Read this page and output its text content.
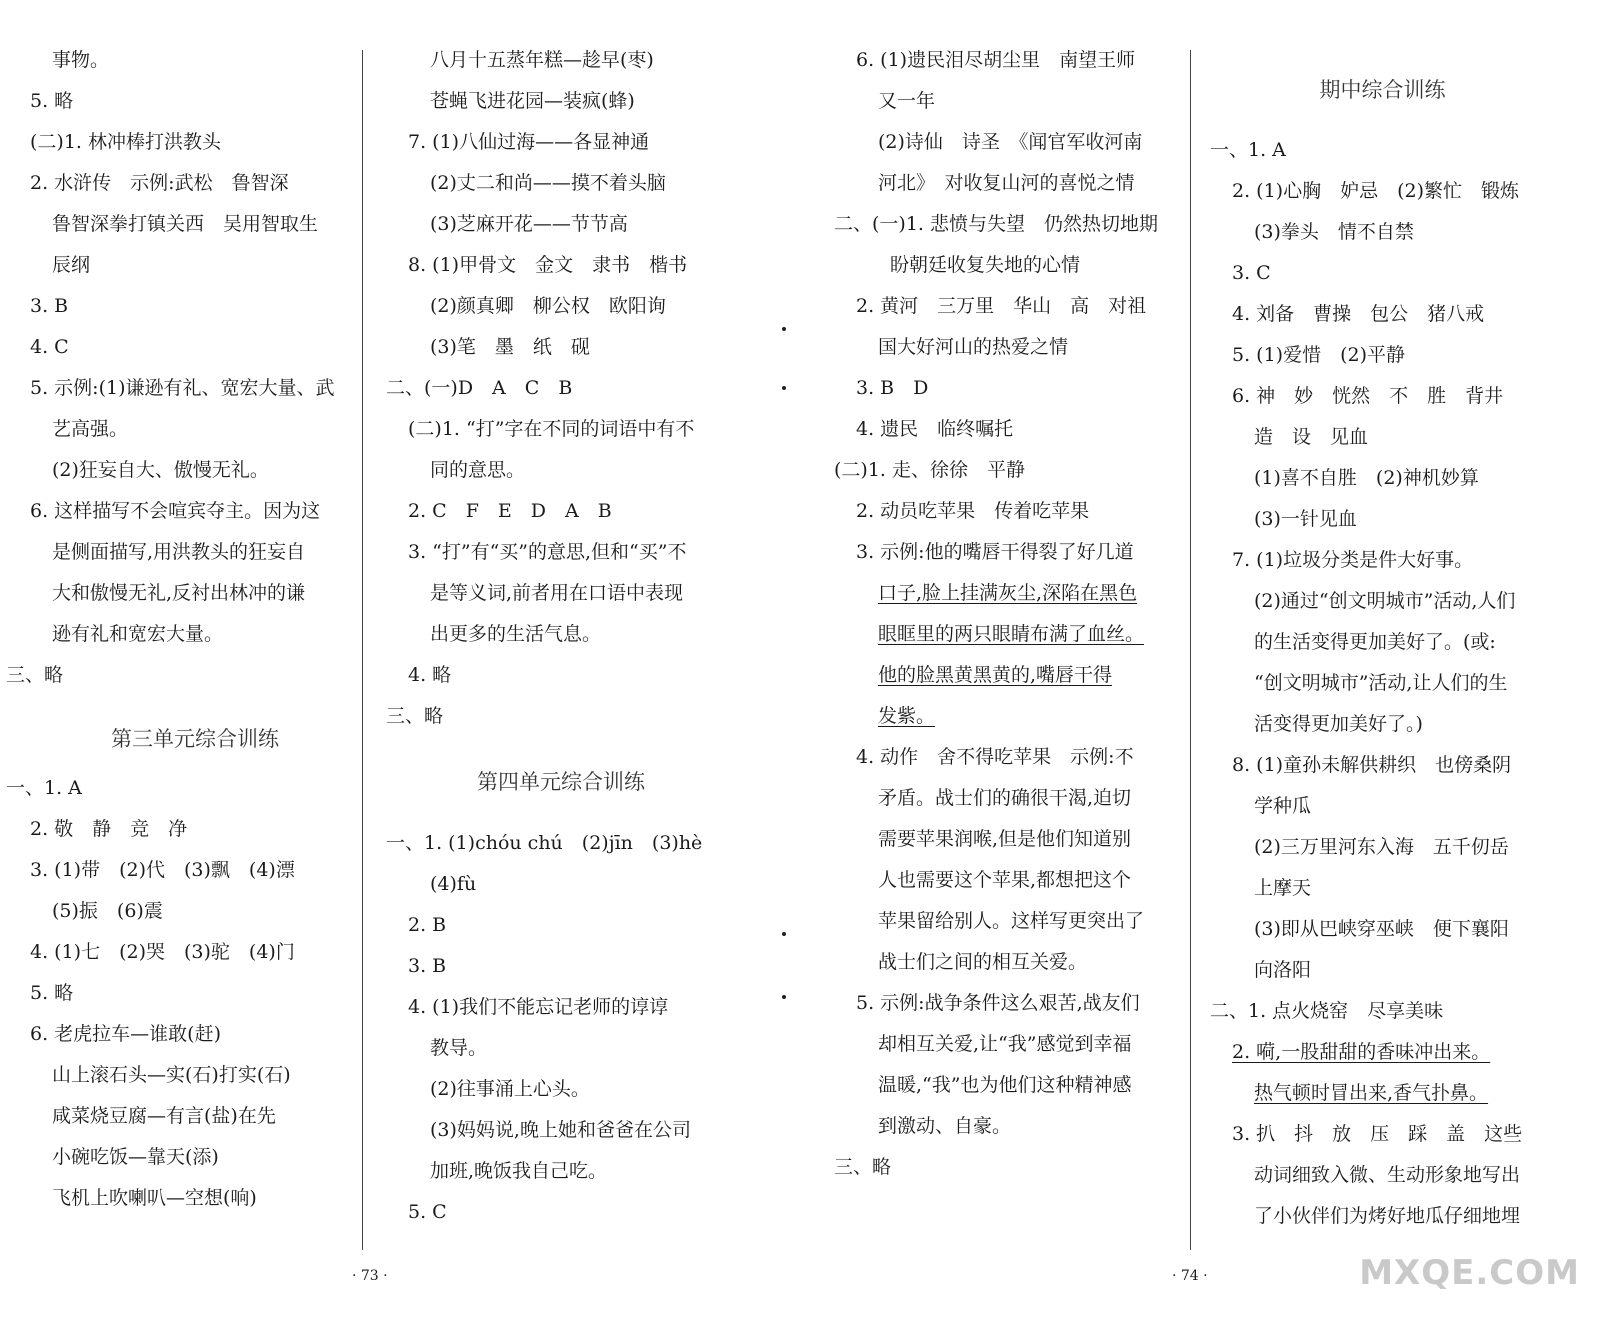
事物。
5. 略
(二)1. 林冲棒打洪教头
2. 水浒传　示例:武松　鲁智深
鲁智深拳打镇关西　吴用智取生
辰纲
3. B
4. C
5. 示例:(1)谦逊有礼、宽宏大量、武
艺高强。
(2)狂妄自大、傲慢无礼。
6. 这样描写不会喧宾夺主。因为这
是侧面描写,用洪教头的狂妄自
大和傲慢无礼,反衬出林冲的谦
逊有礼和宽宏大量。
三、略
第三单元综合训练
一、1. A
2. 敬　静　竞　净
3. (1)带　(2)代　(3)飘　(4)漂
(5)振　(6)震
4. (1)七　(2)哭　(3)驼　(4)门
5. 略
6. 老虎拉车—谁敢(赶)
山上滚石头—实(石)打实(石)
咸菜烧豆腐—有言(盐)在先
小碗吃饭—靠天(添)
飞机上吹喇叭—空想(响)
八月十五蒸年糕—趁早(枣)
苍蝇飞进花园—装疯(蜂)
7. (1)八仙过海——各显神通
(2)丈二和尚——摸不着头脑
(3)芝麻开花——节节高
8. (1)甲骨文　金文　隶书　楷书
(2)颜真卿　柳公权　欧阳询
(3)笔　墨　纸　砚
二、(一)D　A　C　B
(二)1. “打”字在不同的词语中有不
同的意思。
2. C　F　E　D　A　B
3. “打”有“买”的意思,但和“买”不
是等义词,前者用在口语中表现
出更多的生活气息。
4. 略
三、略
第四单元综合训练
一、1. (1)chóu chú　(2)jīn　(3)hè
(4)fù
2. B
3. B
4. (1)我们不能忘记老师的谆谆
教导。
(2)往事涌上心头。
(3)妈妈说,晚上她和爸爸在公司
加班,晚饭我自己吃。
5. C
· 73 ·
6. (1)遗民泪尽胡尘里　南望王师
又一年
(2)诗仙　诗圣　《闻官军收河南
河北》　对收复山河的喜悦之情
二、(一)1. 悲愤与失望　仍然热切地期
盼朝廷收复失地的心情
2. 黄河　三万里　华山　高　对祖
国大好河山的热爱之情
3. B　D
4. 遗民　临终嘱托
(二)1. 走、徐徐　平静
2. 动员吃苹果　传着吃苹果
3. 示例:他的嘴唇干得裂了好几道
口子,脸上挂满灰尘,深陷在黑色
眼眶里的两只眼睛布满了血丝。
他的脸黑黄黑黄的,嘴唇干得
发紫。
4. 动作　舍不得吃苹果　示例:不
矛盾。战士们的确很干渴,迫切
需要苹果润喉,但是他们知道别
人也需要这个苹果,都想把这个
苹果留给别人。这样写更突出了
战士们之间的相互关爱。
5. 示例:战争条件这么艰苦,战友们
却相互关爱,让“我”感觉到幸福
温暖,“我”也为他们这种精神感
到激动、自豪。
三、略
期中综合训练
一、1. A
2. (1)心胸　妒忌　(2)繁忙　锻炼
(3)拳头　情不自禁
3. C
4. 刘备　曹操　包公　猪八戒
5. (1)爱惜　(2)平静
6. 神　妙　恍然　不　胜　背井
造　设　见血
(1)喜不自胜　(2)神机妙算
(3)一针见血
7. (1)垃圾分类是件大好事。
(2)通过“创文明城市”活动,人们
的生活变得更加美好了。(或:
“创文明城市”活动,让人们的生
活变得更加美好了。)
8. (1)童孙未解供耕织　也傍桑阴
学种瓜
(2)三万里河东入海　五千仞岳
上摩天
(3)即从巴峡穿巫峡　便下襄阳
向洛阳
二、1. 点火烧窑　尽享美味
2. 嗬,一股甜甜的香味冲出来。
热气顿时冒出来,香气扑鼻。
3. 扒　抖　放　压　踩　盖　这些
动词细致入微、生动形象地写出
了小伙伴们为烤好地瓜仔细地埋
· 74 ·	MXQE.COM
